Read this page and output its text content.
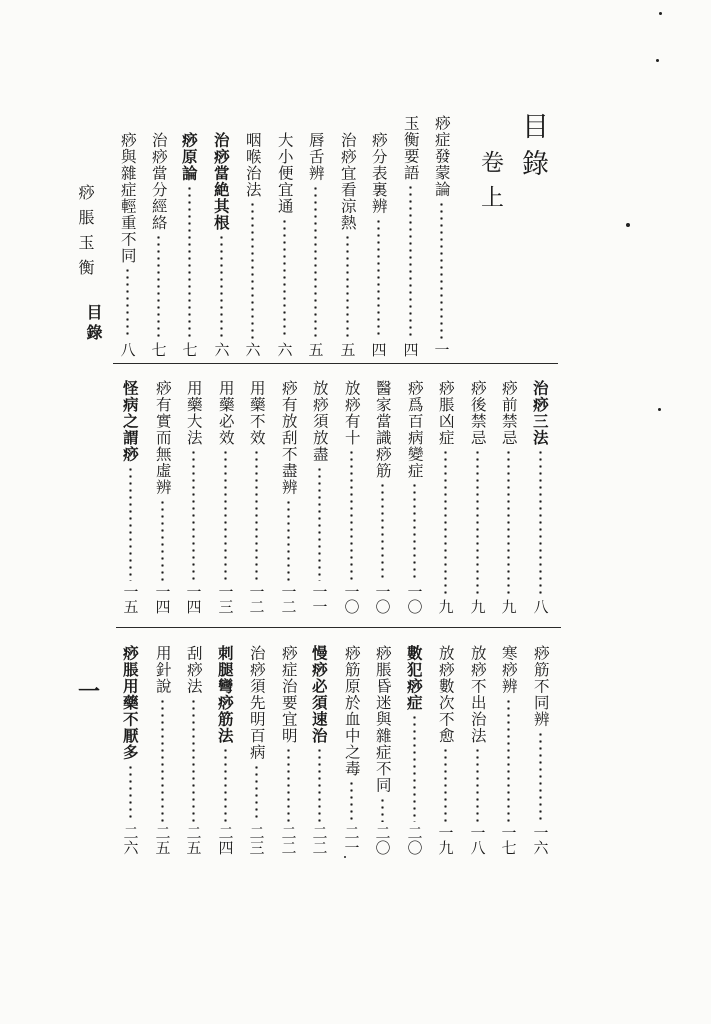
目錄
卷上
痧症發蒙論
一
玉衡要語
四
痧分表裏辨
四
治痧宜看涼熱
五
唇舌辨
五
大小便宜通
六
咽喉治法
六
治痧當絶其根
六
痧原論
七
治痧當分經絡
七
痧與雜症輕重不同
八
治痧三法
八
痧前禁忌
九
痧後禁忌
九
痧脹凶症
九
痧爲百病變症
一〇
醫家當識痧筋
一〇
放痧有十
一〇
放痧須放盡
一一
痧有放刮不盡辨
一二
用藥不效
一二
用藥必效
一三
用藥大法
一四
痧有實而無虛辨
一四
怪病之謂痧
一五
痧筋不同辨
一六
寒痧辨
一七
放痧不出治法
一八
放痧數次不愈
一九
數犯痧症
二〇
痧脹昏迷與雜症不同
二〇
痧筋原於血中之毒
二一
慢痧必須速治
二二
痧症治要宜明
二二
治痧須先明百病
二三
刺腿彎痧筋法
二四
刮痧法
二五
用針說
二五
痧脹用藥不厭多
二六
痧脹玉衡
目錄
一
